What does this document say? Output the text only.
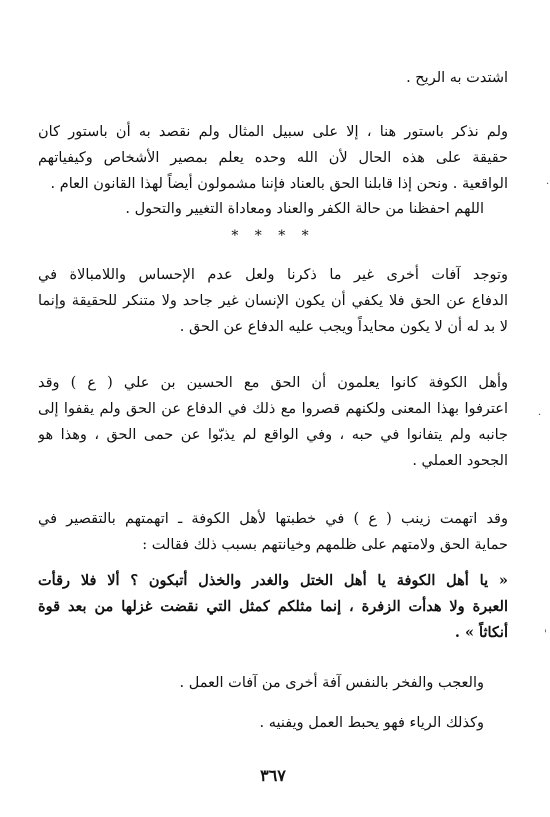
اشتدت به الريح .
ولم نذكر باستور هنا ، إلا على سبيل المثال ولم نقصد به أن باستور كان
حقيقة على هذه الحال لأن الله وحده يعلم بمصير الأشخاص وكيفياتهم
الواقعية . ونحن إذا قابلنا الحق بالعناد فإننا مشمولون أيضاً لهذا القانون العام .
اللهم احفظنا من حالة الكفر والعناد ومعاداة التغيير والتحول .
* * * *
وتوجد آفات أخرى غير ما ذكرنا ولعل عدم الإحساس واللامبالاة في
الدفاع عن الحق فلا يكفي أن يكون الإنسان غير جاحد ولا متنكر للحقيقة وإنما
لا بد له أن لا يكون محايداً ويجب عليه الدفاع عن الحق .
وأهل الكوفة كانوا يعلمون أن الحق مع الحسين بن علي ( ع ) وقد
اعترفوا بهذا المعنى ولكنهم قصروا مع ذلك في الدفاع عن الحق ولم يقفوا إلى
جانبه ولم يتفانوا في حبه ، وفي الواقع لم يذبّوا عن حمى الحق ، وهذا هو
الجحود العملي .
وقد اتهمت زينب ( ع ) في خطبتها لأهل الكوفة ـ اتهمتهم بالتقصير في
حماية الحق ولامتهم على ظلمهم وخيانتهم بسبب ذلك فقالت :
« يا أهل الكوفة يا أهل الختل والغدر والخذل أتبكون ؟ ألا فلا رقأت
العبرة ولا هدأت الزفرة ، إنما مثلكم كمثل التي نقضت غزلها من بعد قوة
أنكاثاً » .
والعجب والفخر بالنفس آفة أخرى من آفات العمل .
وكذلك الرياء فهو يحبط العمل ويفنيه .
٣٦٧
.
·
'
